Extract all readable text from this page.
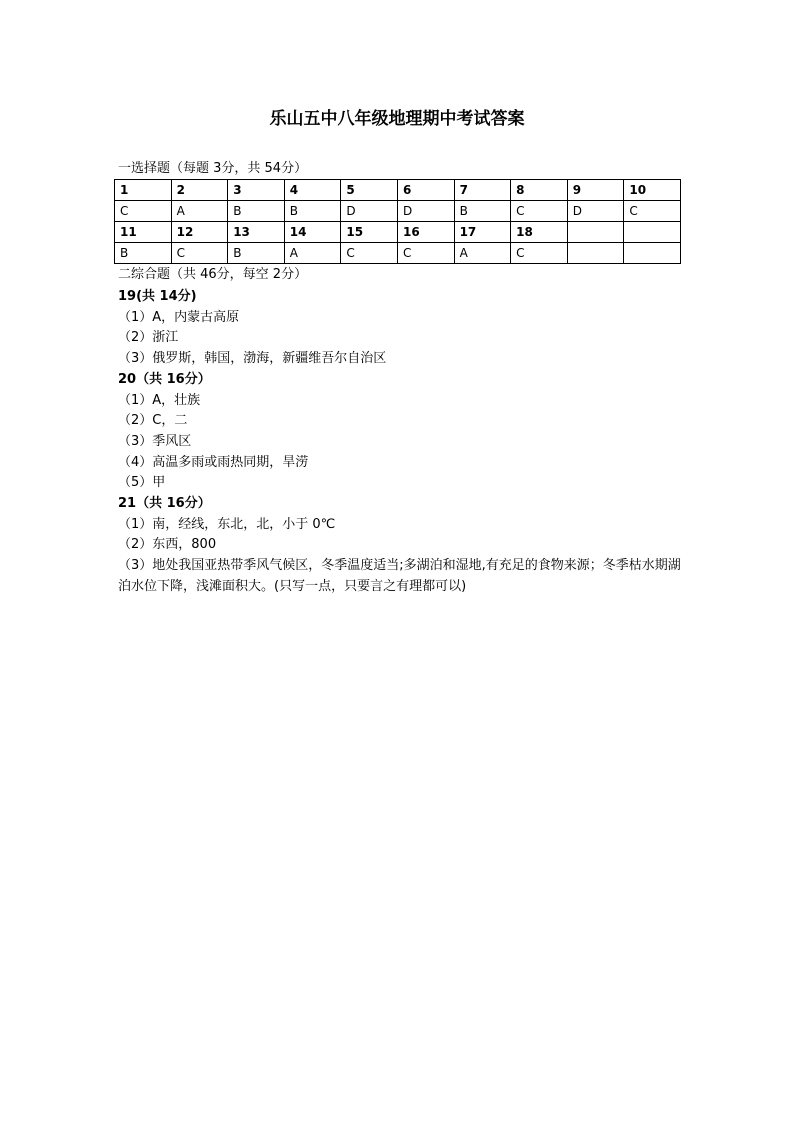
乐山五中八年级地理期中考试答案
一选择题（每题 3分，共 54分）
1	2	3	4	5	6	7	8	9	10
C	A	B	B	D	D	B	C	D	C
11	12	13	14	15	16	17	18		
B	C	B	A	C	C	A	C		
二综合题（共 46分，每空 2分）
19(共 14分)
（1）A，内蒙古高原
（2）浙江
（3）俄罗斯，韩国，渤海，新疆维吾尔自治区
20（共 16分）
（1）A，壮族
（2）C，二
（3）季风区
（4）高温多雨或雨热同期，旱涝
（5）甲
21（共 16分）
（1）南，经线，东北，北，小于 0℃
（2）东西，800
（3）地处我国亚热带季风气候区，冬季温度适当;多湖泊和湿地,有充足的食物来源；冬季枯水期湖泊水位下降，浅滩面积大。(只写一点，只要言之有理都可以)
